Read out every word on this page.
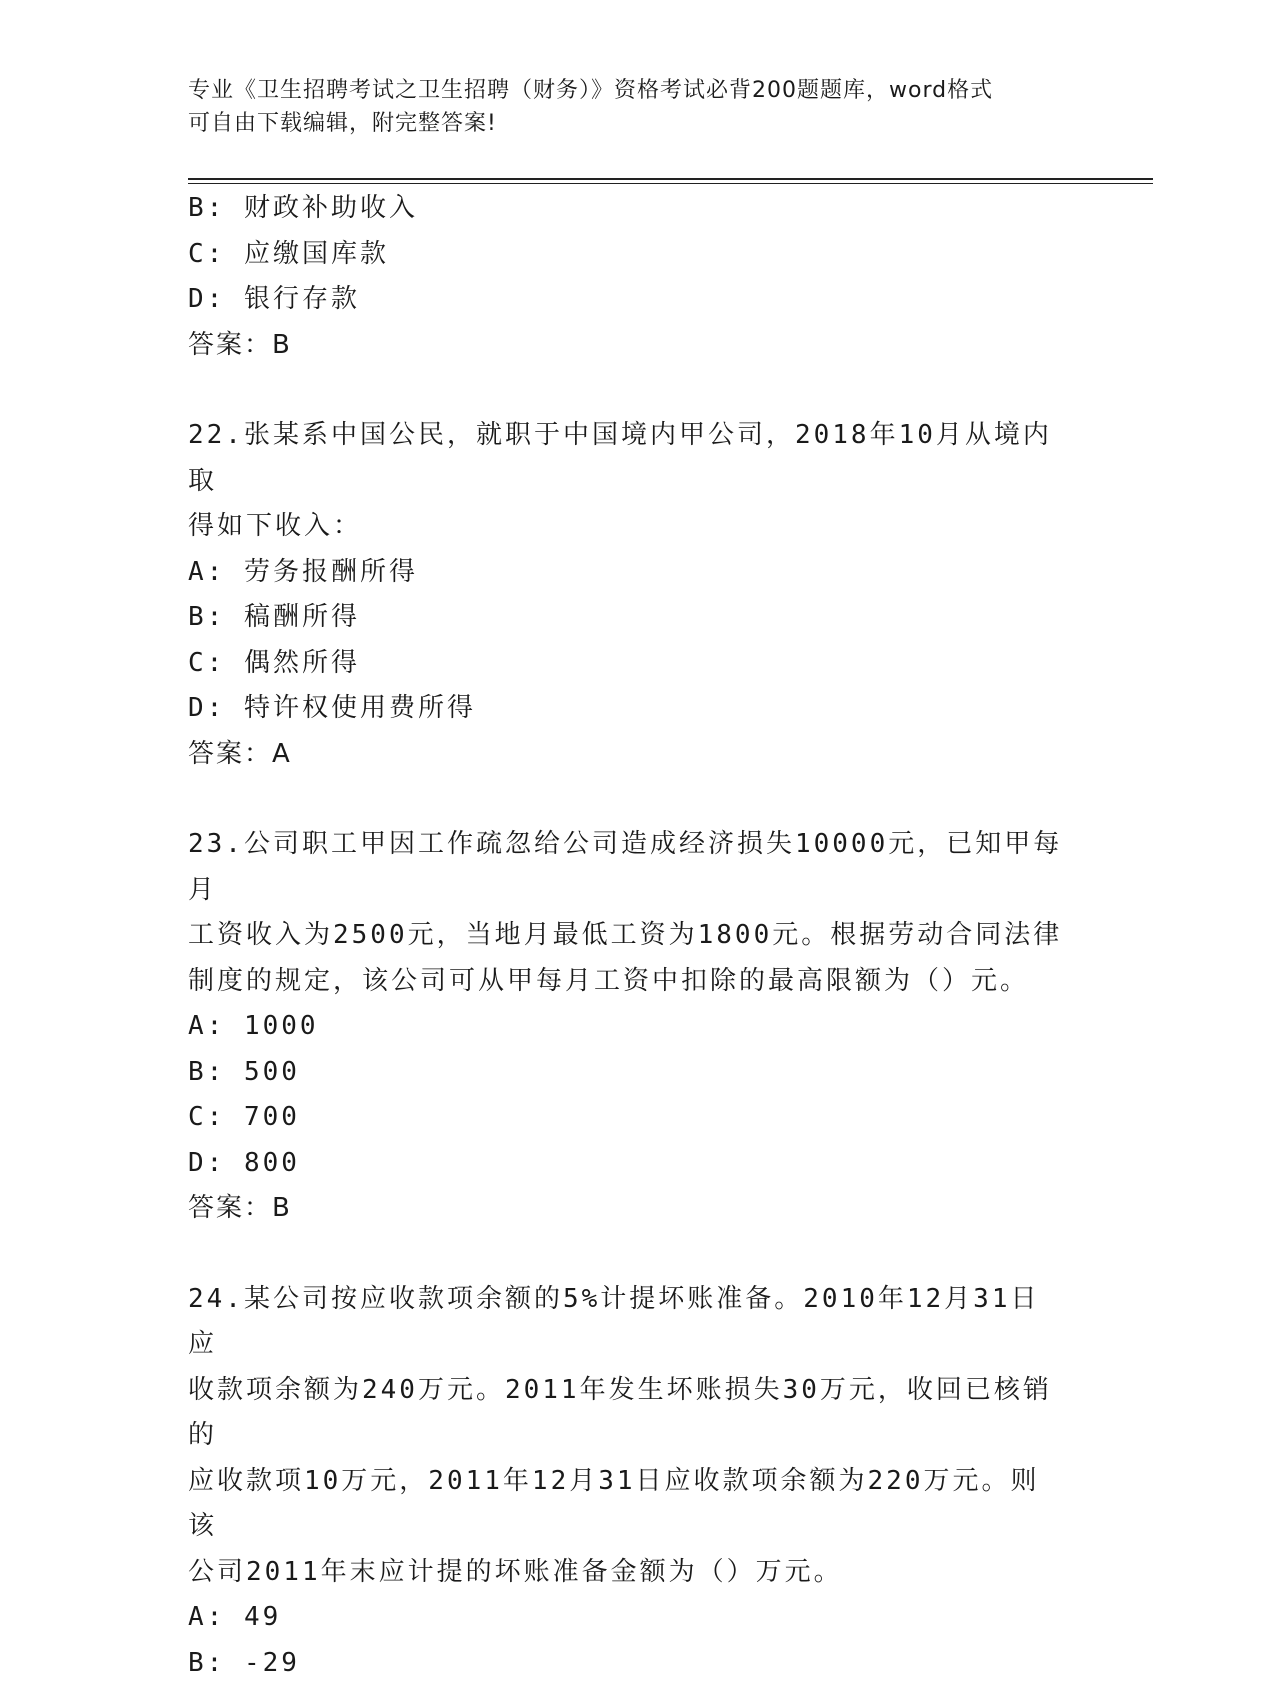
专业《卫生招聘考试之卫生招聘（财务）》资格考试必背200题题库，word格式
可自由下载编辑，附完整答案!
B: 财政补助收入
C: 应缴国库款
D: 银行存款
答案：B
22.张某系中国公民，就职于中国境内甲公司，2018年10月从境内取
得如下收入：
A: 劳务报酬所得
B: 稿酬所得
C: 偶然所得
D: 特许权使用费所得
答案：A
23.公司职工甲因工作疏忽给公司造成经济损失10000元，已知甲每月
工资收入为2500元，当地月最低工资为1800元。根据劳动合同法律
制度的规定，该公司可从甲每月工资中扣除的最高限额为（）元。
A: 1000
B: 500
C: 700
D: 800
答案：B
24.某公司按应收款项余额的5%计提坏账准备。2010年12月31日应
收款项余额为240万元。2011年发生坏账损失30万元，收回已核销的
应收款项10万元，2011年12月31日应收款项余额为220万元。则该
公司2011年末应计提的坏账准备金额为（）万元。
A: 49
B: -29
